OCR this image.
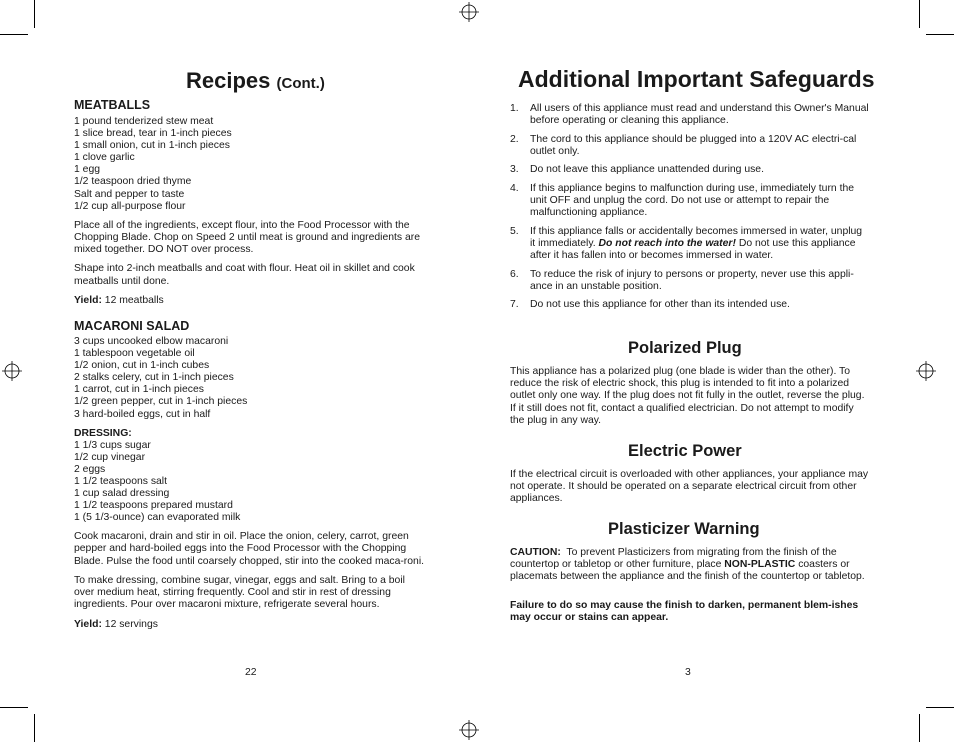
Recipes (Cont.)
MEATBALLS
1 pound tenderized stew meat
1 slice bread, tear in 1-inch pieces
1 small onion, cut in 1-inch pieces
1 clove garlic
1 egg
1/2 teaspoon dried thyme
Salt and pepper to taste
1/2 cup all-purpose flour

Place all of the ingredients, except flour, into the Food Processor with the Chopping Blade. Chop on Speed 2 until meat is ground and ingredients are mixed together. DO NOT over process.

Shape into 2-inch meatballs and coat with flour. Heat oil in skillet and cook meatballs until done.

Yield: 12 meatballs

MACARONI SALAD
3 cups uncooked elbow macaroni
1 tablespoon vegetable oil
1/2 onion, cut in 1-inch cubes
2 stalks celery, cut in 1-inch pieces
1 carrot, cut in 1-inch pieces
1/2 green pepper, cut in 1-inch pieces
3 hard-boiled eggs, cut in half
DRESSING:
1 1/3 cups sugar
1/2 cup vinegar
2 eggs
1 1/2 teaspoons salt
1 cup salad dressing
1 1/2 teaspoons prepared mustard
1 (5 1/3-ounce) can evaporated milk

Cook macaroni, drain and stir in oil. Place the onion, celery, carrot, green pepper and hard-boiled eggs into the Food Processor with the Chopping Blade. Pulse the food until coarsely chopped, stir into the cooked maca-roni.

To make dressing, combine sugar, vinegar, eggs and salt. Bring to a boil over medium heat, stirring frequently. Cool and stir in rest of dressing ingredients. Pour over macaroni mixture, refrigerate several hours.

Yield: 12 servings

22
Additional Important Safeguards
1. All users of this appliance must read and understand this Owner's Manual before operating or cleaning this appliance.
2. The cord to this appliance should be plugged into a 120V AC electri-cal outlet only.
3. Do not leave this appliance unattended during use.
4. If this appliance begins to malfunction during use, immediately turn the unit OFF and unplug the cord. Do not use or attempt to repair the malfunctioning appliance.
5. If this appliance falls or accidentally becomes immersed in water, unplug it immediately. Do not reach into the water! Do not use this appliance after it has fallen into or becomes immersed in water.
6. To reduce the risk of injury to persons or property, never use this appli-ance in an unstable position.
7. Do not use this appliance for other than its intended use.
Polarized Plug

This appliance has a polarized plug (one blade is wider than the other). To reduce the risk of electric shock, this plug is intended to fit into a polarized outlet only one way. If the plug does not fit fully in the outlet, reverse the plug. If it still does not fit, contact a qualified electrician. Do not attempt to modify the plug in any way.

Electric Power

If the electrical circuit is overloaded with other appliances, your appliance may not operate. It should be operated on a separate electrical circuit from other appliances.

Plasticizer Warning

CAUTION: To prevent Plasticizers from migrating from the finish of the countertop or tabletop or other furniture, place NON-PLASTIC coasters or placemats between the appliance and the finish of the countertop or tabletop.

Failure to do so may cause the finish to darken, permanent blem-ishes may occur or stains can appear.

3
